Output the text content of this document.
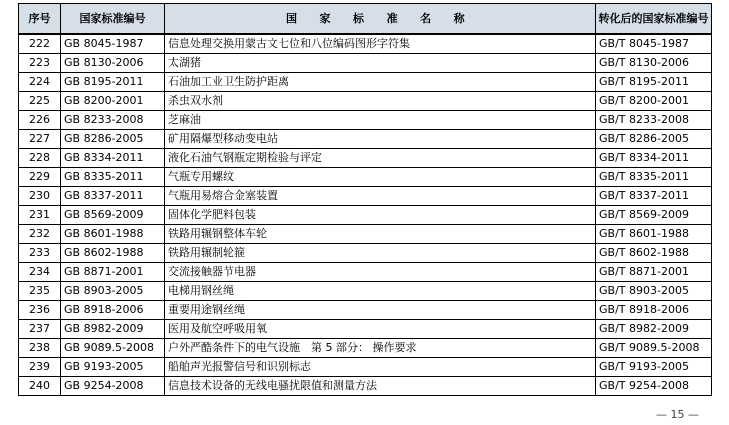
序号	国家标准编号	国 家 标 准 名 称	转化后的国家标准编号
222	GB 8045-1987	信息处理交换用蒙古文七位和八位编码图形字符集	GB/T 8045-1987
223	GB 8130-2006	太湖猪	GB/T 8130-2006
224	GB 8195-2011	石油加工业卫生防护距离	GB/T 8195-2011
225	GB 8200-2001	杀虫双水剂	GB/T 8200-2001
226	GB 8233-2008	芝麻油	GB/T 8233-2008
227	GB 8286-2005	矿用隔爆型移动变电站	GB/T 8286-2005
228	GB 8334-2011	液化石油气钢瓶定期检验与评定	GB/T 8334-2011
229	GB 8335-2011	气瓶专用螺纹	GB/T 8335-2011
230	GB 8337-2011	气瓶用易熔合金塞装置	GB/T 8337-2011
231	GB 8569-2009	固体化学肥料包装	GB/T 8569-2009
232	GB 8601-1988	铁路用辗钢整体车轮	GB/T 8601-1988
233	GB 8602-1988	铁路用辗制轮箍	GB/T 8602-1988
234	GB 8871-2001	交流接触器节电器	GB/T 8871-2001
235	GB 8903-2005	电梯用钢丝绳	GB/T 8903-2005
236	GB 8918-2006	重要用途钢丝绳	GB/T 8918-2006
237	GB 8982-2009	医用及航空呼吸用氧	GB/T 8982-2009
238	GB 9089.5-2008	户外严酷条件下的电气设施　第 5 部分： 操作要求	GB/T 9089.5-2008
239	GB 9193-2005	船舶声光报警信号和识别标志	GB/T 9193-2005
240	GB 9254-2008	信息技术设备的无线电骚扰限值和测量方法	GB/T 9254-2008
— 15 —
